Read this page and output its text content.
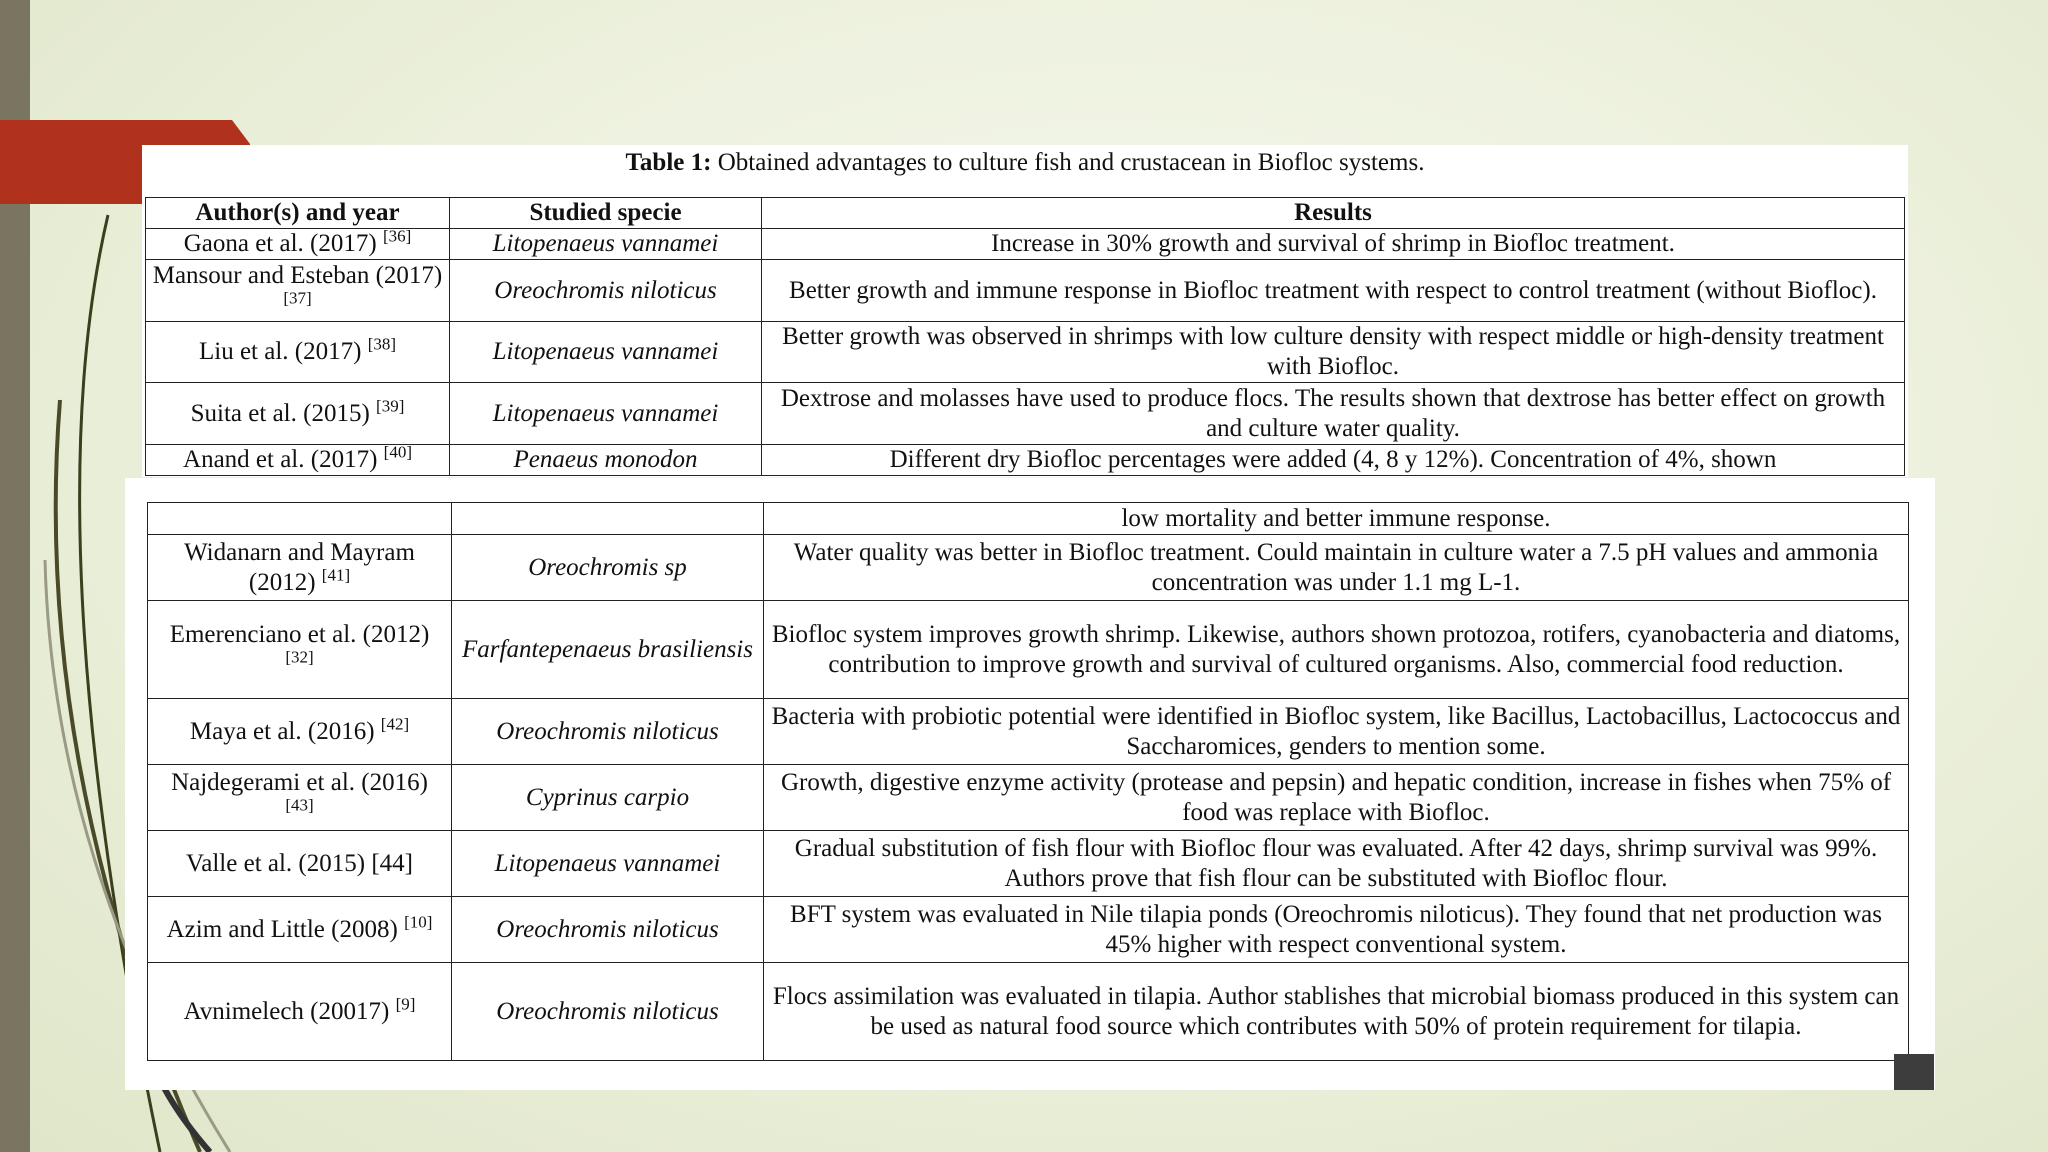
Table 1: Obtained advantages to culture fish and crustacean in Biofloc systems.
Author(s) and year	Studied specie	Results
Gaona et al. (2017) [36]	Litopenaeus vannamei	Increase in 30% growth and survival of shrimp in Biofloc treatment.
Mansour and Esteban (2017) [37]	Oreochromis niloticus	Better growth and immune response in Biofloc treatment with respect to control treatment (without Biofloc).
Liu et al. (2017) [38]	Litopenaeus vannamei	Better growth was observed in shrimps with low culture density with respect middle or high-density treatment with Biofloc.
Suita et al. (2015) [39]	Litopenaeus vannamei	Dextrose and molasses have used to produce flocs. The results shown that dextrose has better effect on growth and culture water quality.
Anand et al. (2017) [40]	Penaeus monodon	Different dry Biofloc percentages were added (4, 8 y 12%). Concentration of 4%, shown
		low mortality and better immune response.
Widanarn and Mayram (2012) [41]	Oreochromis sp	Water quality was better in Biofloc treatment. Could maintain in culture water a 7.5 pH values and ammonia concentration was under 1.1 mg L-1.
Emerenciano et al. (2012) [32]	Farfantepenaeus brasiliensis	Biofloc system improves growth shrimp. Likewise, authors shown protozoa, rotifers, cyanobacteria and diatoms, contribution to improve growth and survival of cultured organisms. Also, commercial food reduction.
Maya et al. (2016) [42]	Oreochromis niloticus	Bacteria with probiotic potential were identified in Biofloc system, like Bacillus, Lactobacillus, Lactococcus and Saccharomices, genders to mention some.
Najdegerami et al. (2016) [43]	Cyprinus carpio	Growth, digestive enzyme activity (protease and pepsin) and hepatic condition, increase in fishes when 75% of food was replace with Biofloc.
Valle et al. (2015) [44]	Litopenaeus vannamei	Gradual substitution of fish flour with Biofloc flour was evaluated. After 42 days, shrimp survival was 99%. Authors prove that fish flour can be substituted with Biofloc flour.
Azim and Little (2008) [10]	Oreochromis niloticus	BFT system was evaluated in Nile tilapia ponds (Oreochromis niloticus). They found that net production was 45% higher with respect conventional system.
Avnimelech (20017) [9]	Oreochromis niloticus	Flocs assimilation was evaluated in tilapia. Author stablishes that microbial biomass produced in this system can be used as natural food source which contributes with 50% of protein requirement for tilapia.
